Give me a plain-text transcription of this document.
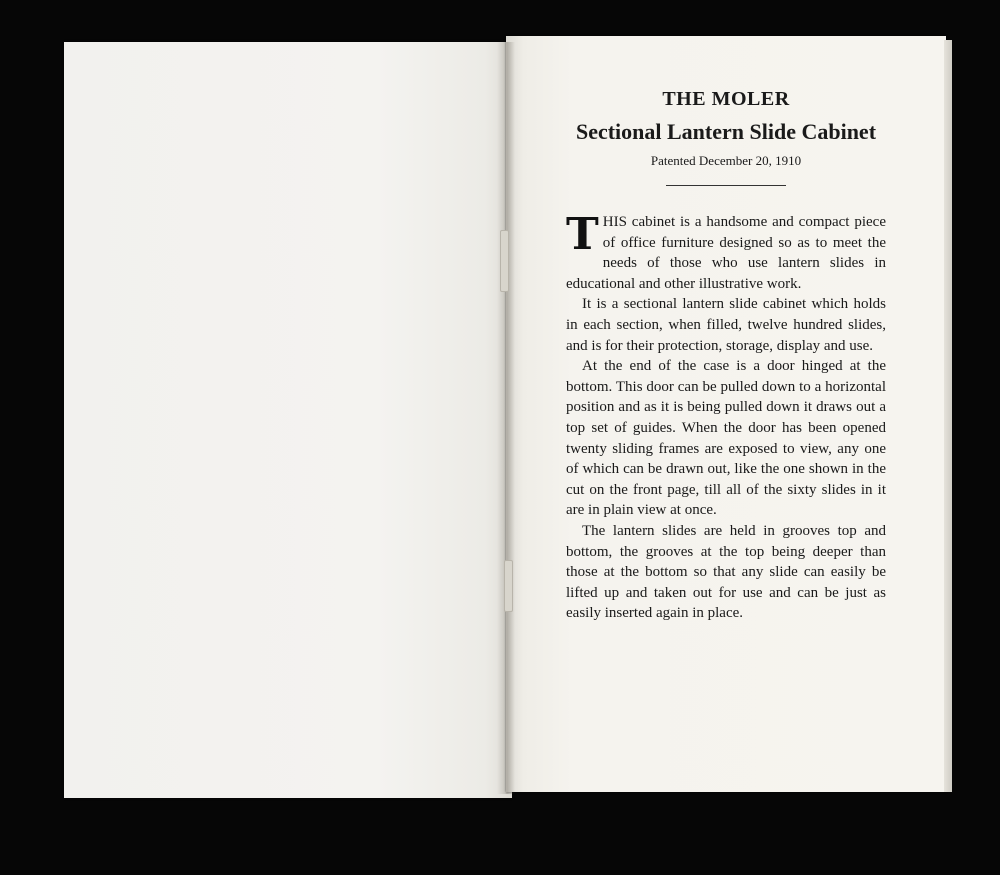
THE MOLER
Sectional Lantern Slide Cabinet

Patented December 20, 1910

T HIS cabinet is a handsome and compact piece of office furniture designed so as to meet the needs of those who use lantern slides in educational and other illustrative work.

It is a sectional lantern slide cabinet which holds in each section, when filled, twelve hundred slides, and is for their protection, storage, display and use.

At the end of the case is a door hinged at the bottom. This door can be pulled down to a horizontal position and as it is being pulled down it draws out a top set of guides. When the door has been opened twenty sliding frames are exposed to view, any one of which can be drawn out, like the one shown in the cut on the front page, till all of the sixty slides in it are in plain view at once.

The lantern slides are held in grooves top and bottom, the grooves at the top being deeper than those at the bottom so that any slide can easily be lifted up and taken out for use and can be just as easily inserted again in place.
